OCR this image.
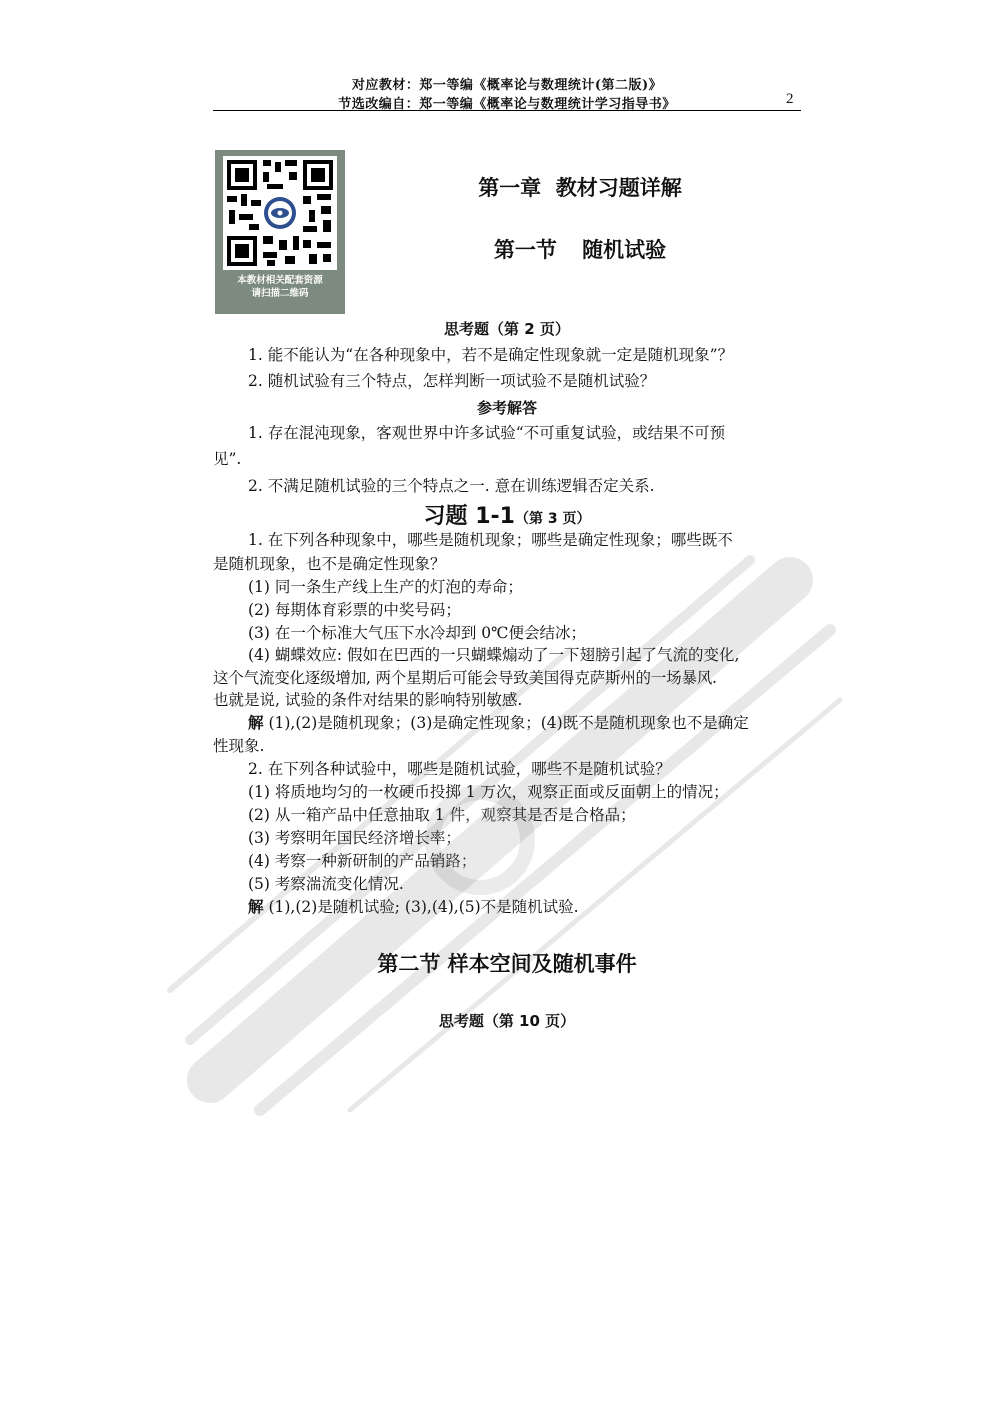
对应教材：郑一等编《概率论与数理统计(第二版)》
节选改编自：郑一等编《概率论与数理统计学习指导书》	2
本教材相关配套资源
请扫描二维码
第一章  教材习题详解
第一节 随机试验
思考题（第 2 页）
1. 能不能认为“在各种现象中，若不是确定性现象就一定是随机现象”？
2. 随机试验有三个特点，怎样判断一项试验不是随机试验？
参考解答
1. 存在混沌现象，客观世界中许多试验“不可重复试验，或结果不可预
见”.
2. 不满足随机试验的三个特点之一. 意在训练逻辑否定关系.
习题 1-1（第 3 页）
1. 在下列各种现象中，哪些是随机现象；哪些是确定性现象；哪些既不
是随机现象，也不是确定性现象？
(1) 同一条生产线上生产的灯泡的寿命；
(2) 每期体育彩票的中奖号码；
(3) 在一个标准大气压下水冷却到 0℃便会结冰；
(4) 蝴蝶效应: 假如在巴西的一只蝴蝶煽动了一下翅膀引起了气流的变化,
这个气流变化逐级增加, 两个星期后可能会导致美国得克萨斯州的一场暴风.
也就是说, 试验的条件对结果的影响特别敏感.
解 (1),(2)是随机现象；(3)是确定性现象；(4)既不是随机现象也不是确定
性现象.
2. 在下列各种试验中，哪些是随机试验，哪些不是随机试验？
(1) 将质地均匀的一枚硬币投掷 1 万次，观察正面或反面朝上的情况；
(2) 从一箱产品中任意抽取 1 件，观察其是否是合格品；
(3) 考察明年国民经济增长率；
(4) 考察一种新研制的产品销路；
(5) 考察湍流变化情况.
解 (1),(2)是随机试验; (3),(4),(5)不是随机试验.
第二节 样本空间及随机事件
思考题（第 10 页）
